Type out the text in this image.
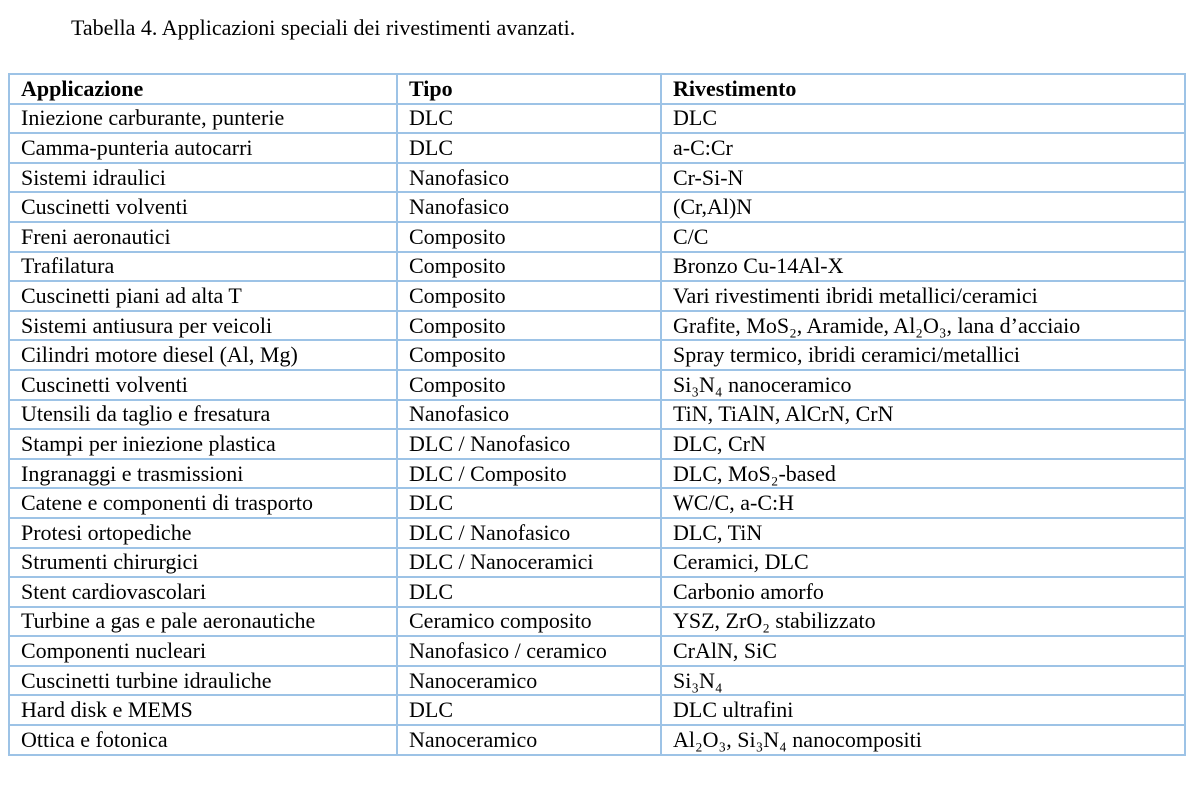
Tabella 4. Applicazioni speciali dei rivestimenti avanzati.
Applicazione	Tipo	Rivestimento
Iniezione carburante, punterie	DLC	DLC
Camma-punteria autocarri	DLC	a-C:Cr
Sistemi idraulici	Nanofasico	Cr-Si-N
Cuscinetti volventi	Nanofasico	(Cr,Al)N
Freni aeronautici	Composito	C/C
Trafilatura	Composito	Bronzo Cu-14Al-X
Cuscinetti piani ad alta T	Composito	Vari rivestimenti ibridi metallici/ceramici
Sistemi antiusura per veicoli	Composito	Grafite, MoS₂, Aramide, Al₂O₃, lana d’acciaio
Cilindri motore diesel (Al, Mg)	Composito	Spray termico, ibridi ceramici/metallici
Cuscinetti volventi	Composito	Si₃N₄ nanoceramico
Utensili da taglio e fresatura	Nanofasico	TiN, TiAlN, AlCrN, CrN
Stampi per iniezione plastica	DLC / Nanofasico	DLC, CrN
Ingranaggi e trasmissioni	DLC / Composito	DLC, MoS₂-based
Catene e componenti di trasporto	DLC	WC/C, a-C:H
Protesi ortopediche	DLC / Nanofasico	DLC, TiN
Strumenti chirurgici	DLC / Nanoceramici	Ceramici, DLC
Stent cardiovascolari	DLC	Carbonio amorfo
Turbine a gas e pale aeronautiche	Ceramico composito	YSZ, ZrO₂ stabilizzato
Componenti nucleari	Nanofasico / ceramico	CrAlN, SiC
Cuscinetti turbine idrauliche	Nanoceramico	Si₃N₄
Hard disk e MEMS	DLC	DLC ultrafini
Ottica e fotonica	Nanoceramico	Al₂O₃, Si₃N₄ nanocompositi
